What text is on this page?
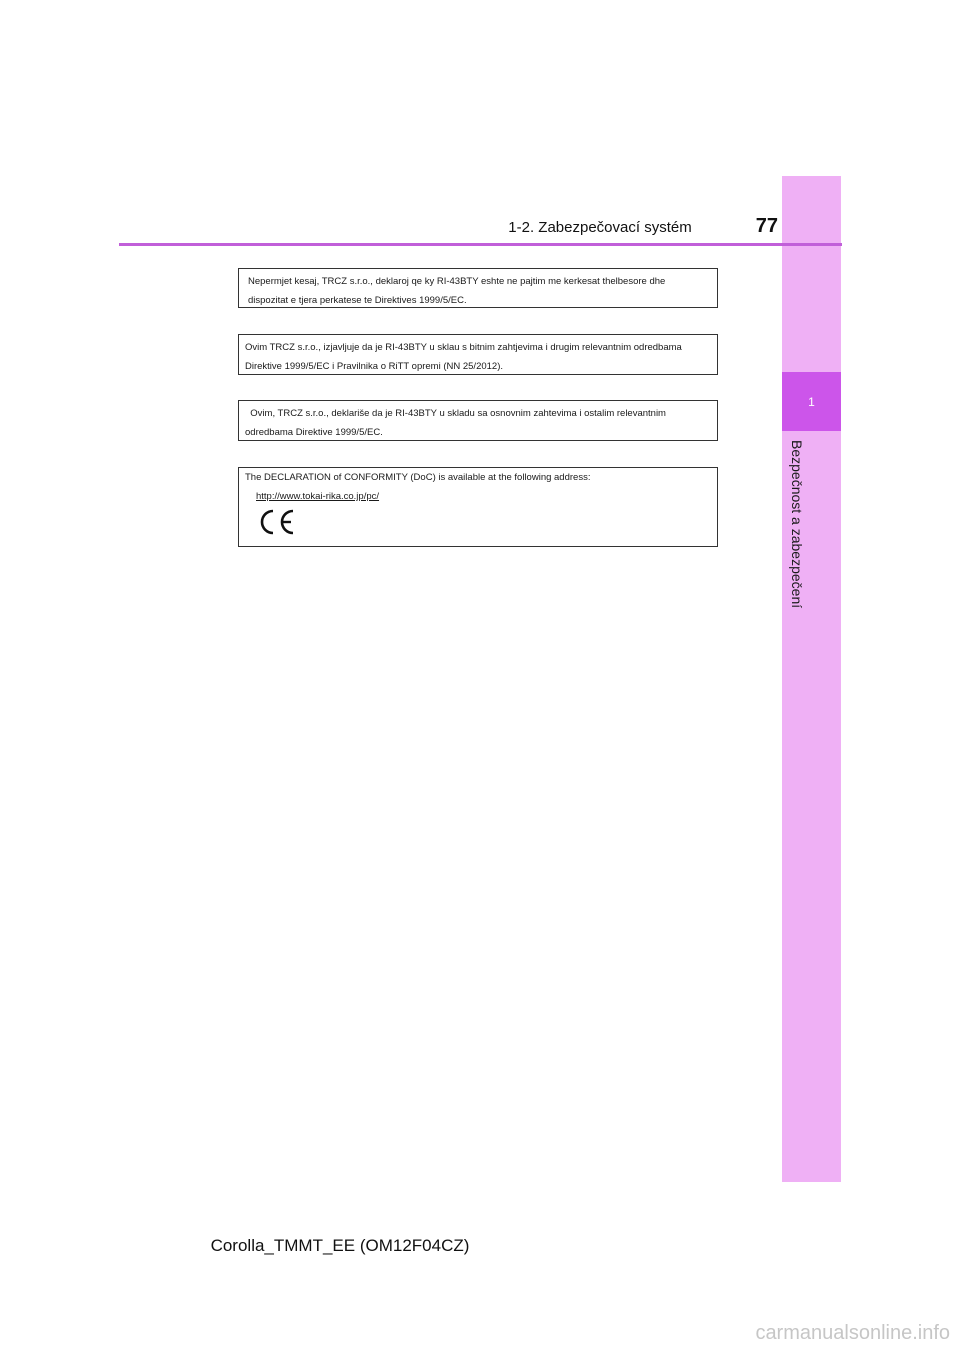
1
Bezpečnost a zabezpečení
1-2. Zabezpečovací systém	77

Nepermjet kesaj, TRCZ s.r.o., deklaroj qe ky RI-43BTY eshte ne pajtim me kerkesat thelbesore dhe

dispozitat e tjera perkatese te Direktives 1999/5/EC.

Ovim TRCZ s.r.o., izjavljuje da je RI-43BTY u sklau s bitnim zahtjevima i drugim relevantnim odredbama

Direktive 1999/5/EC i Pravilnika o RiTT opremi (NN 25/2012).

Ovim, TRCZ s.r.o., deklariše da je RI-43BTY u skladu sa osnovnim zahtevima i ostalim relevantnim

odredbama Direktive 1999/5/EC.

The DECLARATION of CONFORMITY (DoC) is available at the following address:

http://www.tokai-rika.co.jp/pc/

Corolla_TMMT_EE (OM12F04CZ)
carmanualsonline.info
